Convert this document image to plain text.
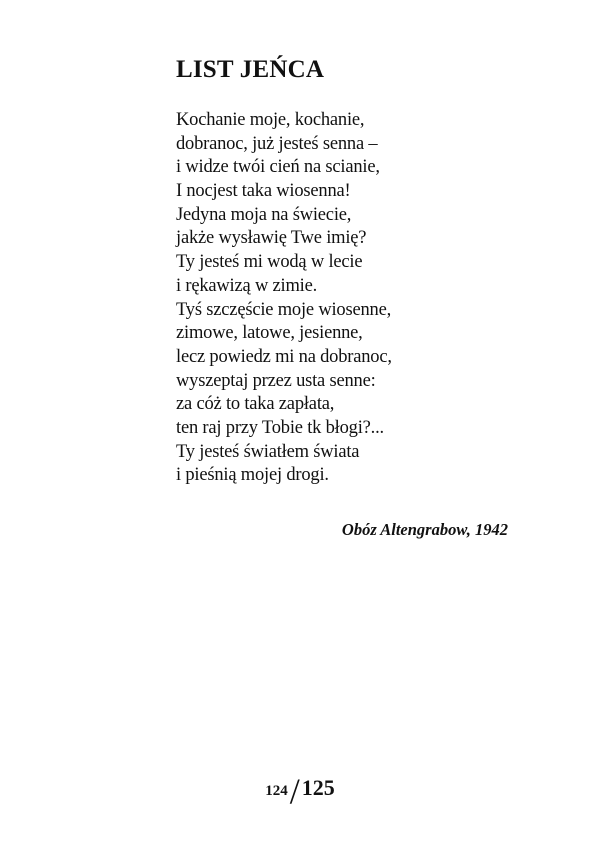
LIST JEŃCA
Kochanie moje, kochanie,
dobranoc, już jesteś senna –
i widze twói cień na scianie,
I nocjest taka wiosenna!
Jedyna moja na świecie,
jakże wysławię Twe imię?
Ty jesteś mi wodą w lecie
i rękawizą w zimie.
Tyś szczęście moje wiosenne,
zimowe, latowe, jesienne,
lecz powiedz mi na dobranoc,
wyszeptaj przez usta senne:
za cóż to taka zapłata,
ten raj przy Tobie tk błogi?...
Ty jesteś światłem świata
i pieśnią mojej drogi.
Obóz Altengrabow, 1942
124/125
